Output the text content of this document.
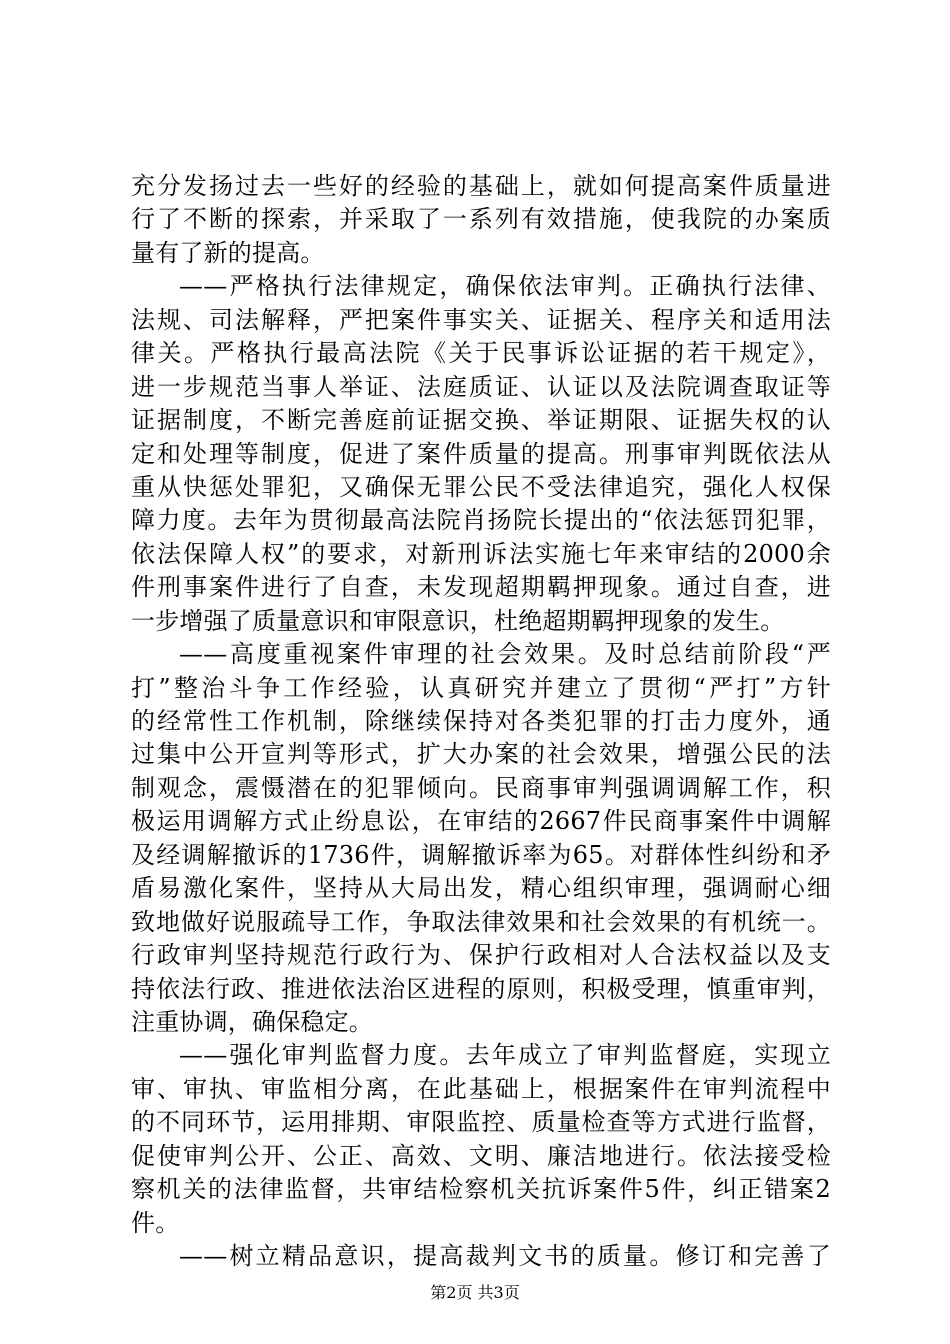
充分发扬过去一些好的经验的基础上，就如何提高案件质量进
行了不断的探索，并采取了一系列有效措施，使我院的办案质
量有了新的提高。
——严格执行法律规定，确保依法审判。正确执行法律、
法规、司法解释，严把案件事实关、证据关、程序关和适用法
律关。严格执行最高法院《关于民事诉讼证据的若干规定》，
进一步规范当事人举证、法庭质证、认证以及法院调查取证等
证据制度，不断完善庭前证据交换、举证期限、证据失权的认
定和处理等制度，促进了案件质量的提高。刑事审判既依法从
重从快惩处罪犯，又确保无罪公民不受法律追究，强化人权保
障力度。去年为贯彻最高法院肖扬院长提出的“依法惩罚犯罪，
依法保障人权”的要求，对新刑诉法实施七年来审结的2000余
件刑事案件进行了自查，未发现超期羁押现象。通过自查，进
一步增强了质量意识和审限意识，杜绝超期羁押现象的发生。
——高度重视案件审理的社会效果。及时总结前阶段“严
打”整治斗争工作经验，认真研究并建立了贯彻“严打”方针
的经常性工作机制，除继续保持对各类犯罪的打击力度外，通
过集中公开宣判等形式，扩大办案的社会效果，增强公民的法
制观念，震慑潜在的犯罪倾向。民商事审判强调调解工作，积
极运用调解方式止纷息讼，在审结的2667件民商事案件中调解
及经调解撤诉的1736件，调解撤诉率为65。对群体性纠纷和矛
盾易激化案件，坚持从大局出发，精心组织审理，强调耐心细
致地做好说服疏导工作，争取法律效果和社会效果的有机统一。
行政审判坚持规范行政行为、保护行政相对人合法权益以及支
持依法行政、推进依法治区进程的原则，积极受理，慎重审判，
注重协调，确保稳定。
——强化审判监督力度。去年成立了审判监督庭，实现立
审、审执、审监相分离，在此基础上，根据案件在审判流程中
的不同环节，运用排期、审限监控、质量检查等方式进行监督，
促使审判公开、公正、高效、文明、廉洁地进行。依法接受检
察机关的法律监督，共审结检察机关抗诉案件5件，纠正错案2
件。
——树立精品意识，提高裁判文书的质量。修订和完善了
第2页 共3页
